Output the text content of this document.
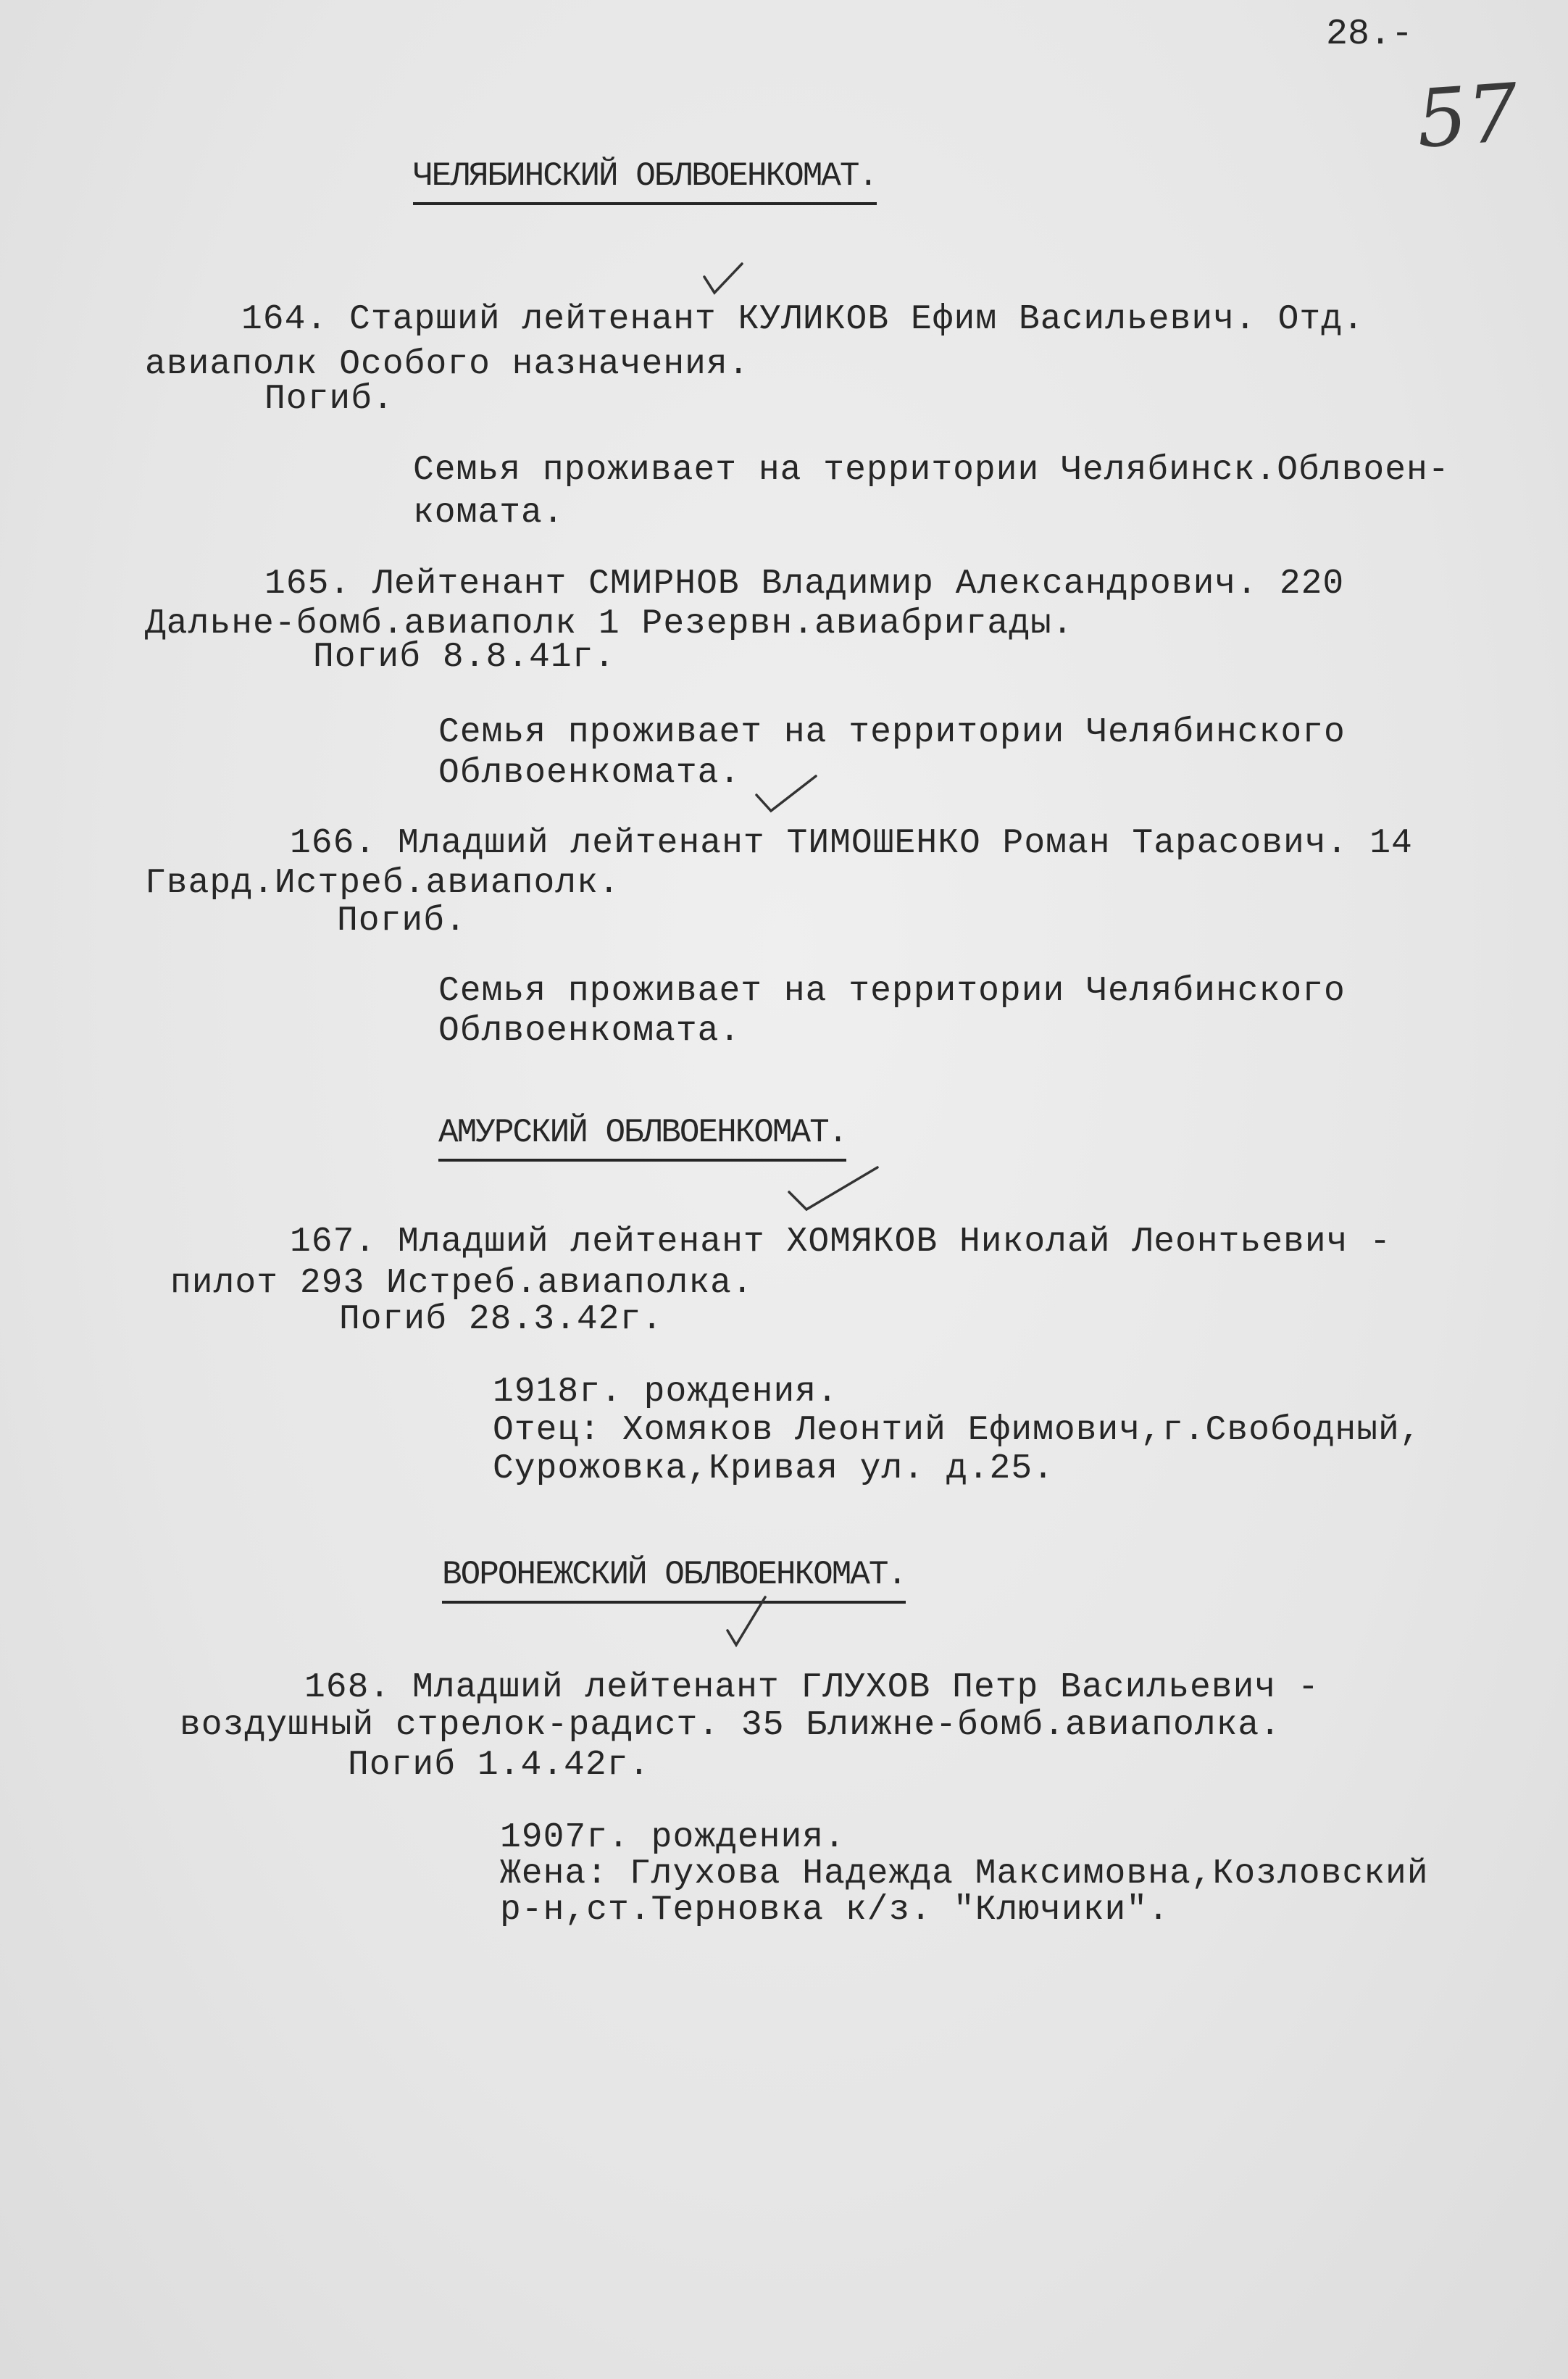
28.-
57
ЧЕЛЯБИНСКИЙ ОБЛВОЕНКОМАТ.
164. Старший лейтенант КУЛИКОВ Ефим Васильевич. Отд.
авиаполк Особого назначения.
Погиб.
Семья проживает на территории Челябинск.Облвоен-
комата.
165. Лейтенант СМИРНОВ Владимир Александрович. 220
Дальне-бомб.авиаполк 1 Резервн.авиабригады.
Погиб 8.8.41г.
Семья проживает на территории Челябинского
Облвоенкомата.
166. Младший лейтенант ТИМОШЕНКО Роман Тарасович. 14
Гвард.Истреб.авиаполк.
Погиб.
Семья проживает на территории Челябинского
Облвоенкомата.
АМУРСКИЙ ОБЛВОЕНКОМАТ.
167. Младший лейтенант ХОМЯКОВ Николай Леонтьевич -
пилот 293 Истреб.авиаполка.
Погиб 28.3.42г.
1918г. рождения.
Отец: Хомяков Леонтий Ефимович,г.Свободный,
Сурожовка,Кривая ул. д.25.
ВОРОНЕЖСКИЙ ОБЛВОЕНКОМАТ.
168. Младший лейтенант ГЛУХОВ Петр Васильевич -
воздушный стрелок-радист. 35 Ближне-бомб.авиаполка.
Погиб 1.4.42г.
1907г. рождения.
Жена: Глухова Надежда Максимовна,Козловский
р-н,ст.Терновка к/з. "Ключики".
